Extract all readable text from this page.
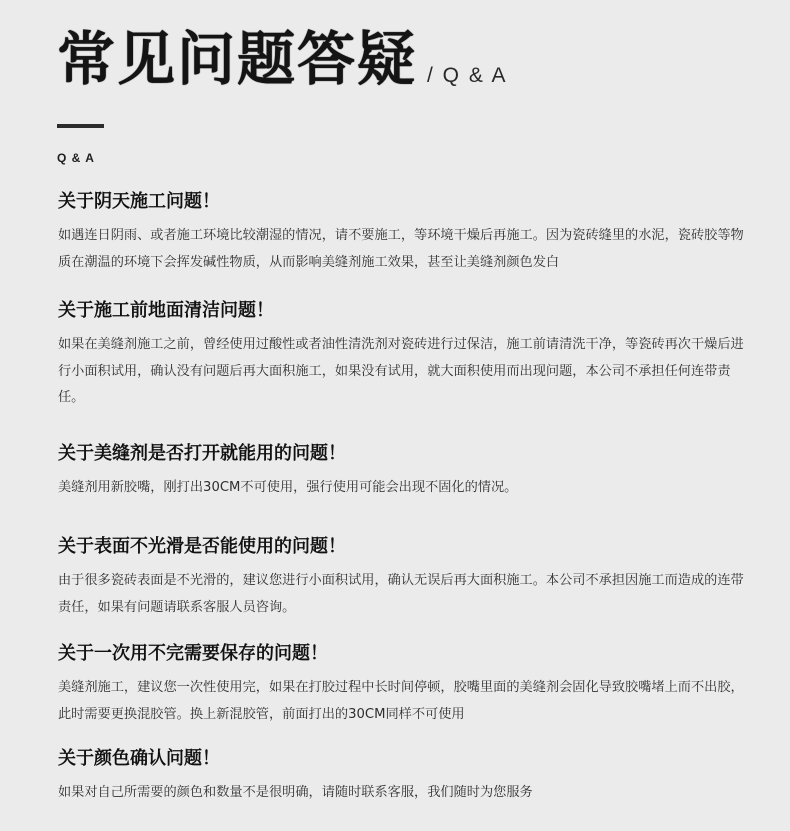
常见问题答疑 / Q & A
Q & A

关于阴天施工问题！

如遇连日阴雨、或者施工环境比较潮湿的情况，请不要施工，等环境干燥后再施工。因为瓷砖缝里的水泥，瓷砖胶等物质在潮温的环境下会挥发碱性物质，从而影响美缝剂施工效果，甚至让美缝剂颜色发白

关于施工前地面清洁问题！

如果在美缝剂施工之前，曾经使用过酸性或者油性清洗剂对瓷砖进行过保洁，施工前请清洗干净，等瓷砖再次干燥后进行小面积试用，确认没有问题后再大面积施工，如果没有试用，就大面积使用而出现问题，本公司不承担任何连带责任。

关于美缝剂是否打开就能用的问题！

美缝剂用新胶嘴，刚打出30CM不可使用，强行使用可能会出现不固化的情况。

关于表面不光滑是否能使用的问题！

由于很多瓷砖表面是不光滑的，建议您进行小面积试用，确认无误后再大面积施工。本公司不承担因施工而造成的连带责任，如果有问题请联系客服人员咨询。

关于一次用不完需要保存的问题！

美缝剂施工，建议您一次性使用完，如果在打胶过程中长时间停顿，胶嘴里面的美缝剂会固化导致胶嘴堵上而不出胶，此时需要更换混胶管。换上新混胶管，前面打出的30CM同样不可使用

关于颜色确认问题！

如果对自己所需要的颜色和数量不是很明确，请随时联系客服，我们随时为您服务
